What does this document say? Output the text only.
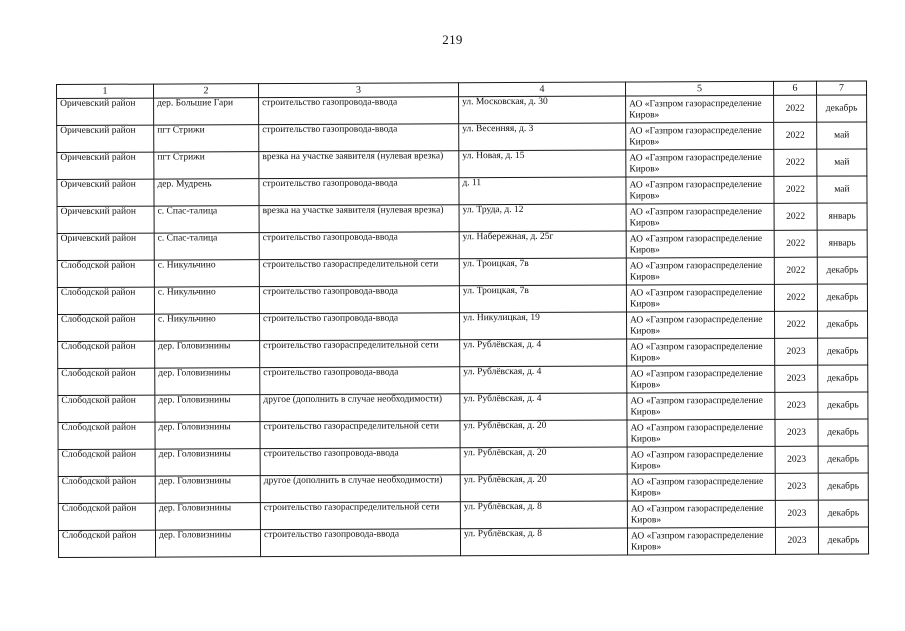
219
1	2	3	4	5	6	7
Оричевский район	дер. Большие Гари	строительство газопровода-ввода	ул. Московская, д. 30	АО «Газпром газораспределение Киров»	2022	декабрь
Оричевский район	пгт Стрижи	строительство газопровода-ввода	ул. Весенняя, д. 3	АО «Газпром газораспределение Киров»	2022	май
Оричевский район	пгт Стрижи	врезка на участке заявителя (нулевая врезка)	ул. Новая, д. 15	АО «Газпром газораспределение Киров»	2022	май
Оричевский район	дер. Мудрень	строительство газопровода-ввода	д. 11	АО «Газпром газораспределение Киров»	2022	май
Оричевский район	с. Спас-талица	врезка на участке заявителя (нулевая врезка)	ул. Труда, д. 12	АО «Газпром газораспределение Киров»	2022	январь
Оричевский район	с. Спас-талица	строительство газопровода-ввода	ул. Набережная, д. 25г	АО «Газпром газораспределение Киров»	2022	январь
Слободской район	с. Никульчино	строительство газораспределительной сети	ул. Троицкая, 7в	АО «Газпром газораспределение Киров»	2022	декабрь
Слободской район	с. Никульчино	строительство газопровода-ввода	ул. Троицкая, 7в	АО «Газпром газораспределение Киров»	2022	декабрь
Слободской район	с. Никульчино	строительство газопровода-ввода	ул. Никулицкая, 19	АО «Газпром газораспределение Киров»	2022	декабрь
Слободской район	дер. Головизнины	строительство газораспределительной сети	ул. Рублёвская, д. 4	АО «Газпром газораспределение Киров»	2023	декабрь
Слободской район	дер. Головизнины	строительство газопровода-ввода	ул. Рублёвская, д. 4	АО «Газпром газораспределение Киров»	2023	декабрь
Слободской район	дер. Головизнины	другое (дополнить в случае необходимости)	ул. Рублёвская, д. 4	АО «Газпром газораспределение Киров»	2023	декабрь
Слободской район	дер. Головизнины	строительство газораспределительной сети	ул. Рублёвская, д. 20	АО «Газпром газораспределение Киров»	2023	декабрь
Слободской район	дер. Головизнины	строительство газопровода-ввода	ул. Рублёвская, д. 20	АО «Газпром газораспределение Киров»	2023	декабрь
Слободской район	дер. Головизнины	другое (дополнить в случае необходимости)	ул. Рублёвская, д. 20	АО «Газпром газораспределение Киров»	2023	декабрь
Слободской район	дер. Головизнины	строительство газораспределительной сети	ул. Рублёвская, д. 8	АО «Газпром газораспределение Киров»	2023	декабрь
Слободской район	дер. Головизнины	строительство газопровода-ввода	ул. Рублёвская, д. 8	АО «Газпром газораспределение Киров»	2023	декабрь
